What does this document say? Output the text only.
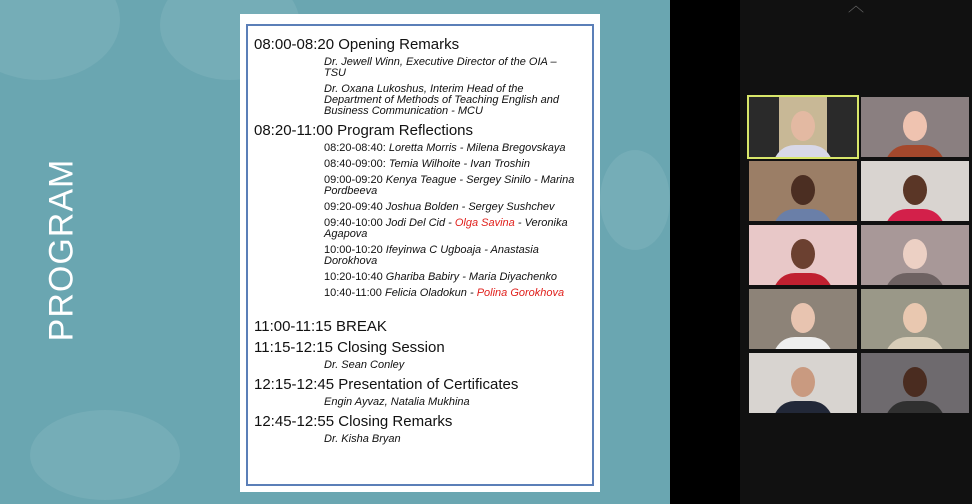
PROGRAM
08:00-08:20 Opening Remarks
Dr. Jewell Winn, Executive Director of the OIA – TSU
Dr. Oxana Lukoshus, Interim Head of the Department of Methods of Teaching English and Business Communication - MCU
08:20-11:00 Program Reflections
08:20-08:40: Loretta Morris - Milena Bregovskaya
08:40-09:00: Temia Wilhoite - Ivan Troshin
09:00-09:20 Kenya Teague - Sergey Sinilo - Marina Pordbeeva
09:20-09:40 Joshua Bolden - Sergey Sushchev
09:40-10:00 Jodi Del Cid - Olga Savina - Veronika Agapova
10:00-10:20 Ifeyinwa C Ugboaja - Anastasia Dorokhova
10:20-10:40 Ghariba Babiry - Maria Diyachenko
10:40-11:00 Felicia Oladokun - Polina Gorokhova
11:00-11:15 BREAK
11:15-12:15 Closing Session
Dr. Sean Conley
12:15-12:45 Presentation of Certificates
Engin Ayvaz, Natalia Mukhina
12:45-12:55 Closing Remarks
Dr. Kisha Bryan
︿
